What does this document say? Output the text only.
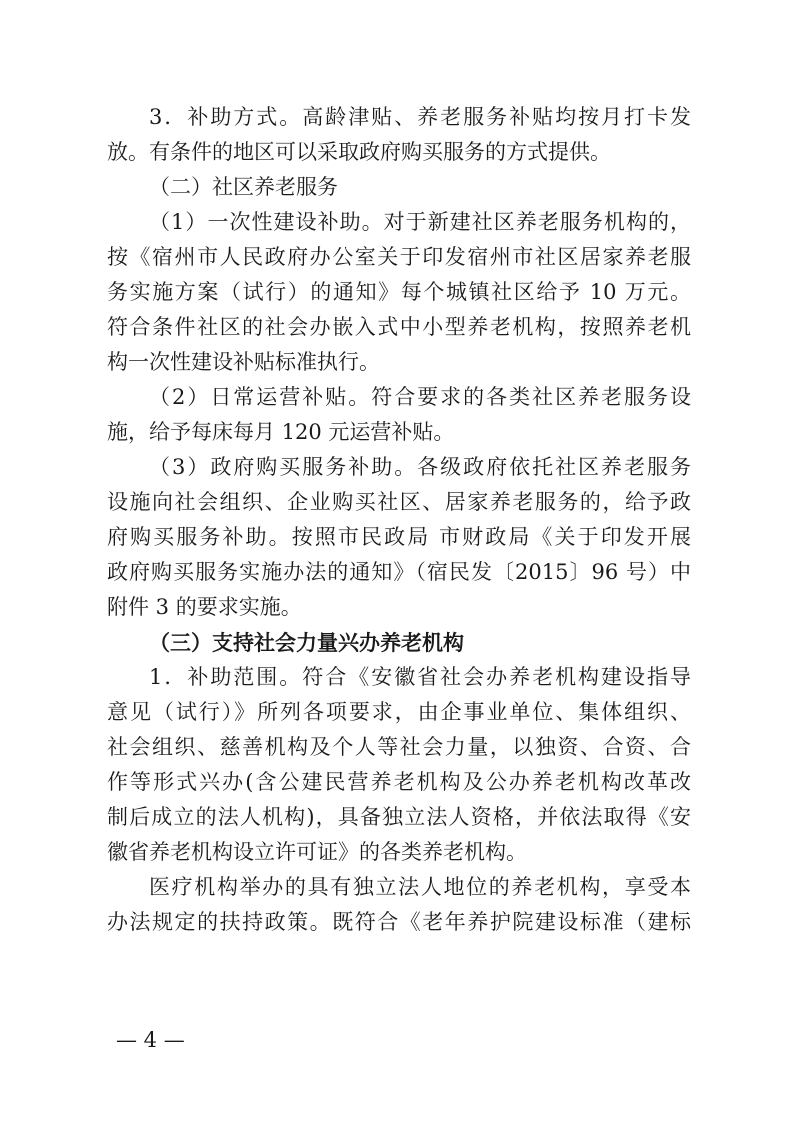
3．补助方式。高龄津贴、养老服务补贴均按月打卡发
放。有条件的地区可以采取政府购买服务的方式提供。
（二）社区养老服务
（1）一次性建设补助。对于新建社区养老服务机构的，
按《宿州市人民政府办公室关于印发宿州市社区居家养老服
务实施方案（试行）的通知》每个城镇社区给予 10 万元。
符合条件社区的社会办嵌入式中小型养老机构，按照养老机
构一次性建设补贴标准执行。
（2）日常运营补贴。符合要求的各类社区养老服务设
施，给予每床每月 120 元运营补贴。
（3）政府购买服务补助。各级政府依托社区养老服务
设施向社会组织、企业购买社区、居家养老服务的，给予政
府购买服务补助。按照市民政局 市财政局《关于印发开展
政府购买服务实施办法的通知》（宿民发〔2015〕96 号）中
附件 3 的要求实施。
（三）支持社会力量兴办养老机构
1．补助范围。符合《安徽省社会办养老机构建设指导
意见（试行）》所列各项要求，由企事业单位、集体组织、
社会组织、慈善机构及个人等社会力量，以独资、合资、合
作等形式兴办(含公建民营养老机构及公办养老机构改革改
制后成立的法人机构)，具备独立法人资格，并依法取得《安
徽省养老机构设立许可证》的各类养老机构。
医疗机构举办的具有独立法人地位的养老机构，享受本
办法规定的扶持政策。既符合《老年养护院建设标准（建标
— 4 —
